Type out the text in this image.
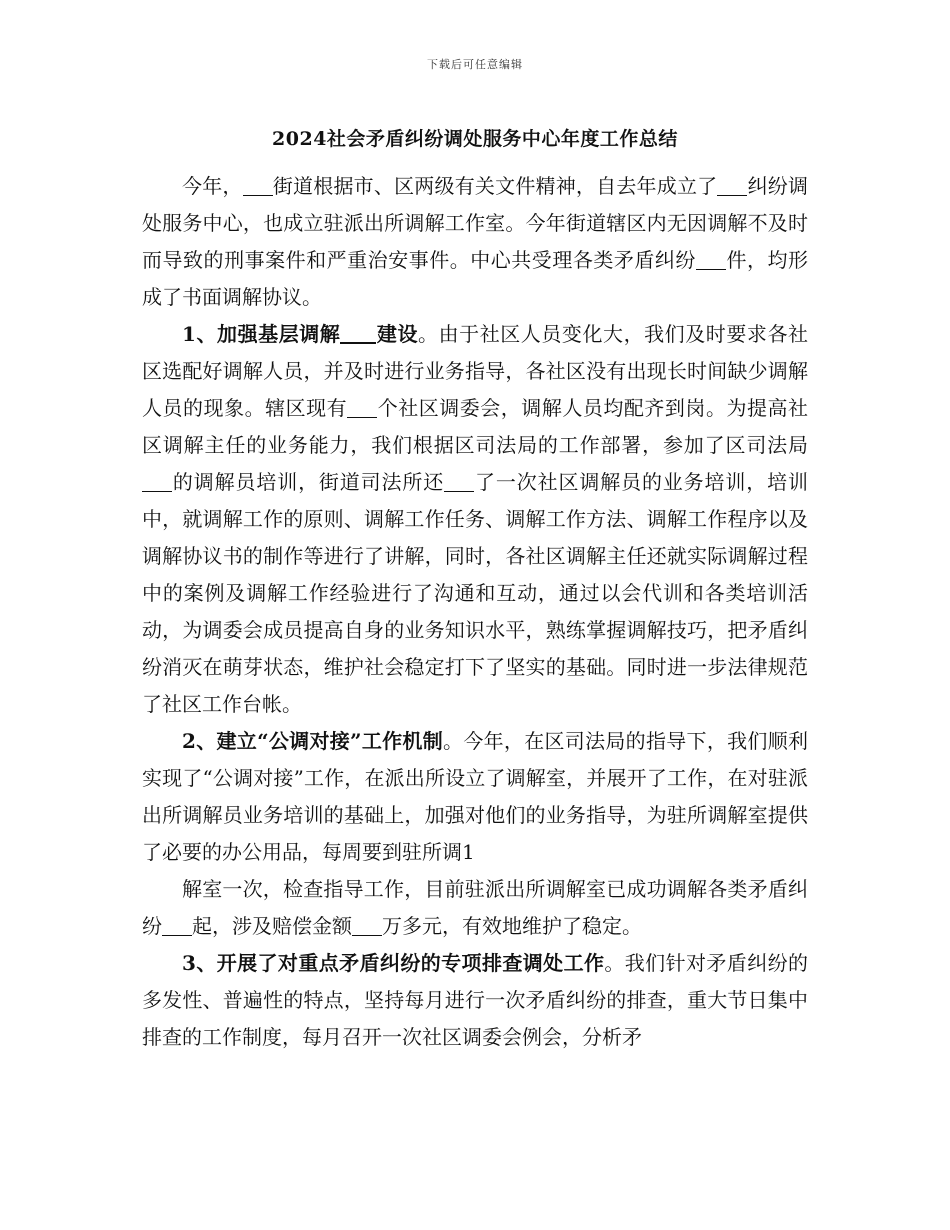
下载后可任意编辑
2024社会矛盾纠纷调处服务中心年度工作总结

今年， 街道根据市、区两级有关文件精神，自去年成立了 纠纷调处服务中心，也成立驻派出所调解工作室。今年街道辖区内无因调解不及时而导致的刑事案件和严重治安事件。中心共受理各类矛盾纠纷 件，均形成了书面调解协议。

1、加强基层调解 建设。由于社区人员变化大，我们及时要求各社区选配好调解人员，并及时进行业务指导，各社区没有出现长时间缺少调解人员的现象。辖区现有 个社区调委会，调解人员均配齐到岗。为提高社区调解主任的业务能力，我们根据区司法局的工作部署，参加了区司法局的调解员培训，街道司法所还 了一次社区调解员的业务培训，培训中，就调解工作的原则、调解工作任务、调解工作方法、调解工作程序以及调解协议书的制作等进行了讲解，同时，各社区调解主任还就实际调解过程中的案例及调解工作经验进行了沟通和互动，通过以会代训和各类培训活动，为调委会成员提高自身的业务知识水平，熟练掌握调解技巧，把矛盾纠纷消灭在萌芽状态，维护社会稳定打下了坚实的基础。同时进一步法律规范了社区工作台帐。

2、建立“公调对接”工作机制。今年，在区司法局的指导下，我们顺利实现了“公调对接”工作，在派出所设立了调解室，并展开了工作，在对驻派出所调解员业务培训的基础上，加强对他们的业务指导，为驻所调解室提供了必要的办公用品，每周要到驻所调1

解室一次，检查指导工作，目前驻派出所调解室已成功调解各类矛盾纠纷 起，涉及赔偿金额 万多元，有效地维护了稳定。

3、开展了对重点矛盾纠纷的专项排查调处工作。我们针对矛盾纠纷的多发性、普遍性的特点，坚持每月进行一次矛盾纠纷的排查，重大节日集中排查的工作制度，每月召开一次社区调委会例会，分析矛
